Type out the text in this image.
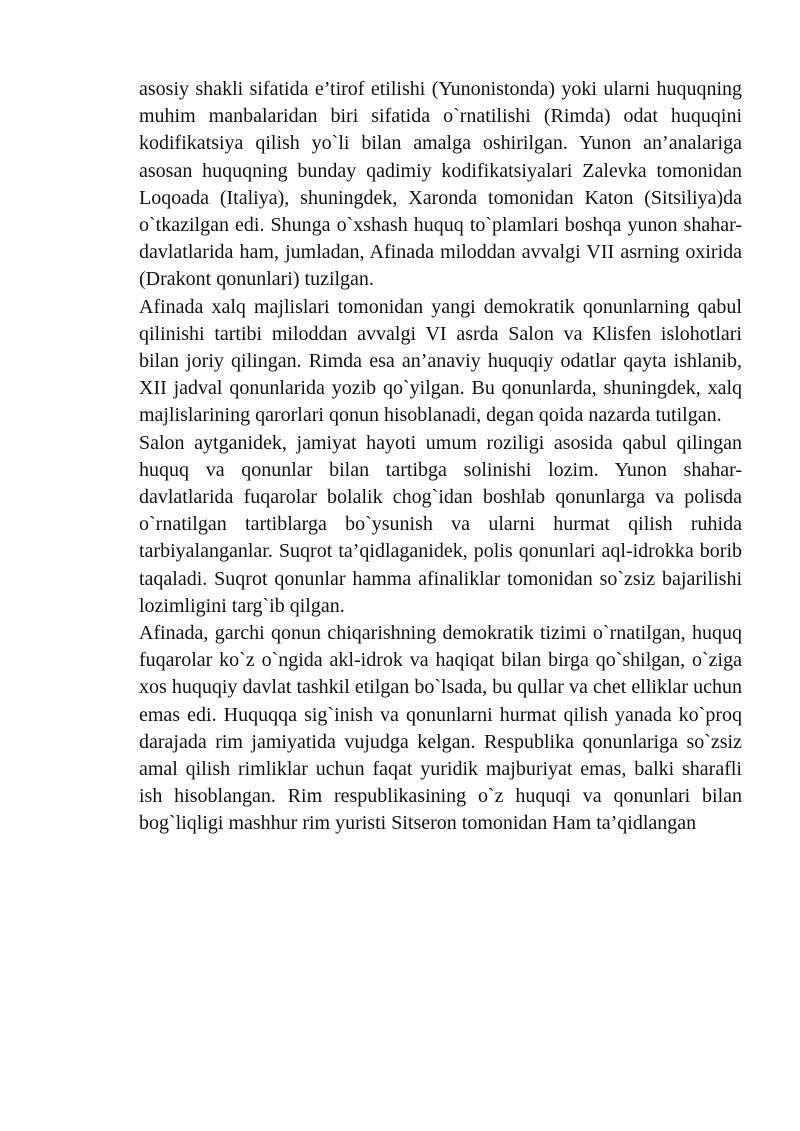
asosiy shakli sifatida e’tirof etilishi (Yunonistonda) yoki ularni huquqning muhim manbalaridan biri sifatida o`rnatilishi (Rimda) odat huquqini kodifikatsiya qilish yo`li bilan amalga oshirilgan. Yunon an’analariga asosan huquqning bunday qadimiy kodifikatsiyalari Zalevka tomonidan Loqoada (Italiya), shuningdek, Xaronda tomonidan Katon (Sitsiliya)da o`tkazilgan edi. Shunga o`xshash huquq to`plamlari boshqa yunon shahar-davlatlarida ham, jumladan, Afinada miloddan avvalgi VII asrning oxirida (Drakont qonunlari) tuzilgan.

Afinada xalq majlislari tomonidan yangi demokratik qonunlarning qabul qilinishi tartibi miloddan avvalgi VI asrda Salon va Klisfen islohotlari bilan joriy qilingan. Rimda esa an’anaviy huquqiy odatlar qayta ishlanib, XII jadval qonunlarida yozib qo`yilgan. Bu qonunlarda, shuningdek, xalq majlislarining qarorlari qonun hisoblanadi, degan qoida nazarda tutilgan.

Salon aytganidek, jamiyat hayoti umum roziligi asosida qabul qilingan huquq va qonunlar bilan tartibga solinishi lozim. Yunon shahar-davlatlarida fuqarolar bolalik chog`idan boshlab qonunlarga va polisda o`rnatilgan tartiblarga bo`ysunish va ularni hurmat qilish ruhida tarbiyalanganlar. Suqrot ta’qidlaganidek, polis qonunlari aql-idrokka borib taqaladi. Suqrot qonunlar hamma afinaliklar tomonidan so`zsiz bajarilishi lozimligini targ`ib qilgan.

Afinada, garchi qonun chiqarishning demokratik tizimi o`rnatilgan, huquq fuqarolar ko`z o`ngida akl-idrok va haqiqat bilan birga qo`shilgan, o`ziga xos huquqiy davlat tashkil etilgan bo`lsada, bu qullar va chet elliklar uchun emas edi. Huquqqa sig`inish va qonunlarni hurmat qilish yanada ko`proq darajada rim jamiyatida vujudga kelgan. Respublika qonunlariga so`zsiz amal qilish rimliklar uchun faqat yuridik majburiyat emas, balki sharafli ish hisoblangan. Rim respublikasining o`z huquqi va qonunlari bilan bog`liqligi mashhur rim yuristi Sitseron tomonidan Ham ta’qidlangan
